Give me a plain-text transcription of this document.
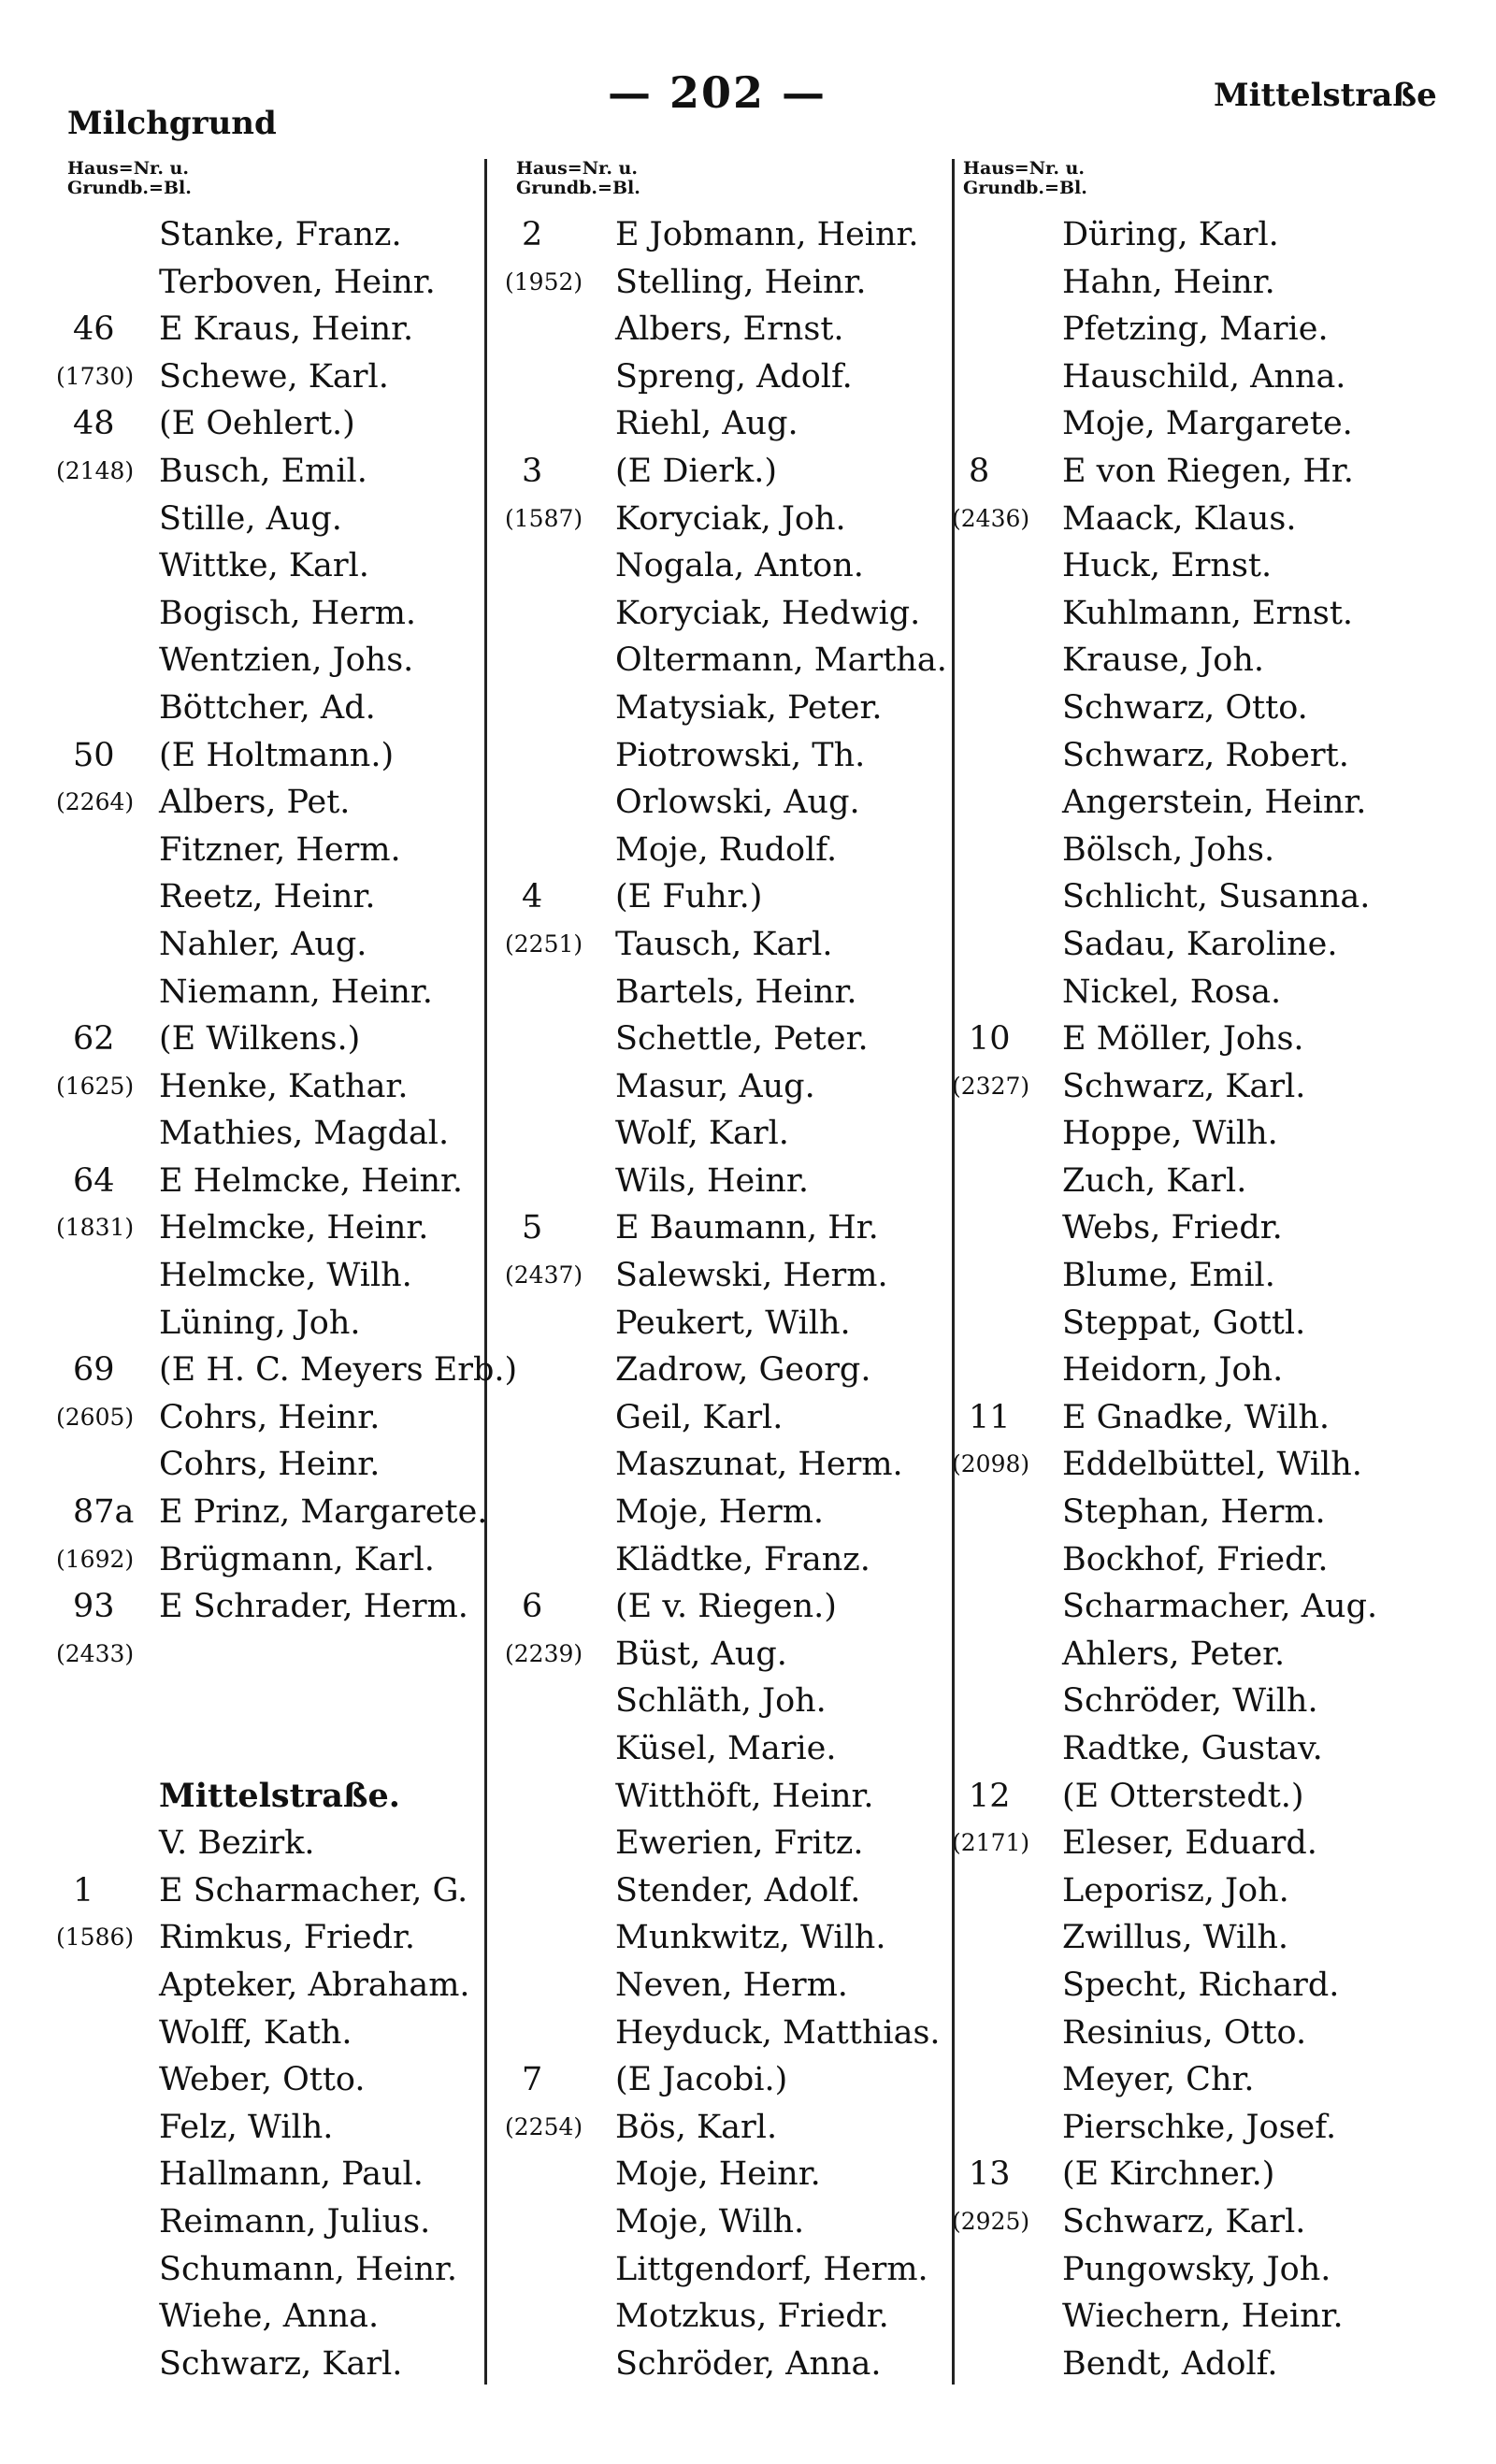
Milchgrund
— 202 —	Mittelstraße
Haus=Nr. u.
Grundb.=Bl.
Stanke, Franz.
Terboven, Heinr.
46	E Kraus, Heinr.
(1730) Schewe, Karl.
48	(E Oehlert.)
(2148) Busch, Emil.
Stille, Aug.
Wittke, Karl.
Bogisch, Herm.
Wentzien, Johs.
Böttcher, Ad.
50	(E Holtmann.)
(2264) Albers, Pet.
Fitzner, Herm.
Reetz, Heinr.
Nahler, Aug.
Niemann, Heinr.
62	(E Wilkens.)
(1625) Henke, Kathar.
Mathies, Magdal.
64	E Helmcke, Heinr.
(1831) Helmcke, Heinr.
Helmcke, Wilh.
Lüning, Joh.
69	(E H. C. Meyers Erb.)
(2605) Cohrs, Heinr.
Cohrs, Heinr.
87a E Prinz, Margarete.
(1692) Brügmann, Karl.
93	E Schrader, Herm.
(2433)
Mittelstraße.
V. Bezirk.
1	E Scharmacher, G.
(1586) Rimkus, Friedr.
Apteker, Abraham.
Wolff, Kath.
Weber, Otto.
Felz, Wilh.
Hallmann, Paul.
Reimann, Julius.
Schumann, Heinr.
Wiehe, Anna.
Schwarz, Karl.
Haus=Nr. u.
Grundb.=Bl.
2	E Jobmann, Heinr.
(1952) Stelling, Heinr.
Albers, Ernst.
Spreng, Adolf.
Riehl, Aug.
3	(E Dierk.)
(1587) Koryciak, Joh.
Nogala, Anton.
Koryciak, Hedwig.
Oltermann, Martha.
Matysiak, Peter.
Piotrowski, Th.
Orlowski, Aug.
Moje, Rudolf.
4	(E Fuhr.)
(2251) Tausch, Karl.
Bartels, Heinr.
Schettle, Peter.
Masur, Aug.
Wolf, Karl.
Wils, Heinr.
5	E Baumann, Hr.
(2437) Salewski, Herm.
Peukert, Wilh.
Zadrow, Georg.
Geil, Karl.
Maszunat, Herm.
Moje, Herm.
Klädtke, Franz.
6	(E v. Riegen.)
(2239) Büst, Aug.
Schläth, Joh.
Küsel, Marie.
Witthöft, Heinr.
Ewerien, Fritz.
Stender, Adolf.
Munkwitz, Wilh.
Neven, Herm.
Heyduck, Matthias.
7	(E Jacobi.)
(2254) Bös, Karl.
Moje, Heinr.
Moje, Wilh.
Littgendorf, Herm.
Motzkus, Friedr.
Schröder, Anna.
Haus=Nr. u.
Grundb.=Bl.
Düring, Karl.
Hahn, Heinr.
Pfetzing, Marie.
Hauschild, Anna.
Moje, Margarete.
8	E von Riegen, Hr.
(2436) Maack, Klaus.
Huck, Ernst.
Kuhlmann, Ernst.
Krause, Joh.
Schwarz, Otto.
Schwarz, Robert.
Angerstein, Heinr.
Bölsch, Johs.
Schlicht, Susanna.
Sadau, Karoline.
Nickel, Rosa.
10	E Möller, Johs.
(2327) Schwarz, Karl.
Hoppe, Wilh.
Zuch, Karl.
Webs, Friedr.
Blume, Emil.
Steppat, Gottl.
Heidorn, Joh.
11	E Gnadke, Wilh.
(2098) Eddelbüttel, Wilh.
Stephan, Herm.
Bockhof, Friedr.
Scharmacher, Aug.
Ahlers, Peter.
Schröder, Wilh.
Radtke, Gustav.
12	(E Otterstedt.)
(2171) Eleser, Eduard.
Leporisz, Joh.
Zwillus, Wilh.
Specht, Richard.
Resinius, Otto.
Meyer, Chr.
Pierschke, Josef.
13	(E Kirchner.)
(2925) Schwarz, Karl.
Pungowsky, Joh.
Wiechern, Heinr.
Bendt, Adolf.
